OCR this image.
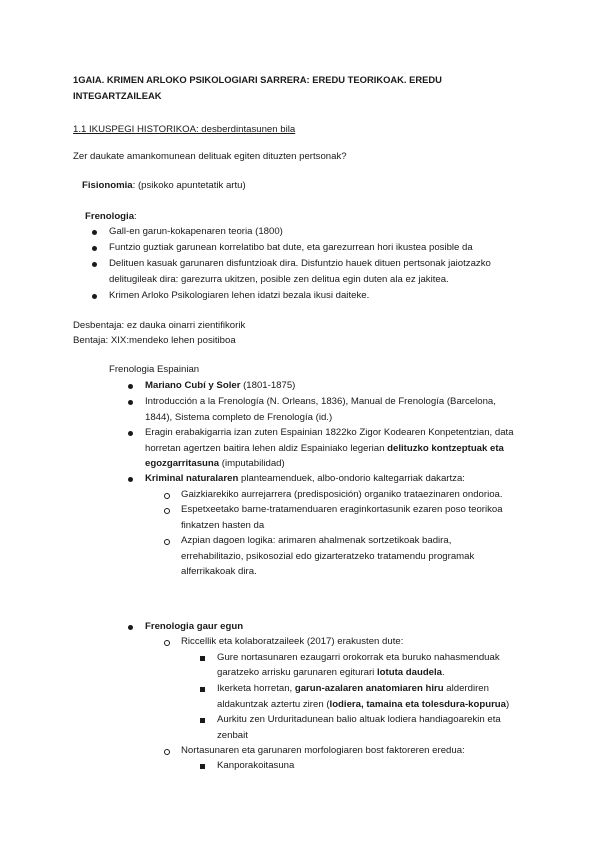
1GAIA. KRIMEN ARLOKO PSIKOLOGIARI SARRERA: EREDU TEORIKOAK. EREDU INTEGARTZAILEAK
1.1 IKUSPEGI HISTORIKOA: desberdintasunen bila
Zer daukate amankomunean delituak egiten dituzten pertsonak?
Fisionomia: (psikoko apuntetatik artu)
Frenologia:
Gall-en garun-kokapenaren teoria (1800)
Funtzio guztiak garunean korrelatibo bat dute, eta garezurrean hori ikustea posible da
Delituen kasuak garunaren disfuntzioak dira. Disfuntzio hauek dituen pertsonak jaiotzazko
delitugileak dira: garezurra ukitzen, posible zen delitua egin duten ala ez jakitea.
Krimen Arloko Psikologiaren lehen idatzi bezala ikusi daiteke.
Desbentaja: ez dauka oinarri zientifikorik
Bentaja: XIX:mendeko lehen positiboa
Frenologia Espainian
Mariano Cubí y Soler (1801-1875)
Introducción a la Frenología (N. Orleans, 1836), Manual de Frenología (Barcelona,
1844), Sistema completo de Frenología (id.)
Eragin erabakigarria izan zuten Espainian 1822ko Zigor Kodearen Konpetentzian, data
horretan agertzen baitira lehen aldiz Espainiako legerian delituzko kontzeptuak eta
egozgarritasuna (imputabilidad)
Kriminal naturalaren planteamenduek, albo-ondorio kaltegarriak dakartza:
Gaizkiarekiko aurrejarrera (predisposición) organiko trataezinaren ondorioa.
Espetxeetako barne-tratamenduaren eraginkortasunik ezaren poso teorikoa
finkatzen hasten da
Azpian dagoen logika: arimaren ahalmenak sortzetikoak badira,
errehabilitazio, psikosozial edo gizarteratzeko tratamendu programak
alferrikakoak dira.
Frenologia gaur egun
Riccellik eta kolaboratzaileek (2017) erakusten dute:
Gure nortasunaren ezaugarri orokorrak eta buruko nahasmenduak
garatzeko arrisku garunaren egiturari lotuta daudela.
Ikerketa horretan, garun-azalaren anatomiaren hiru alderdiren
aldakuntzak aztertu ziren (lodiera, tamaina eta tolesdura-kopurua)
Aurkitu zen Urduritadunean balio altuak lodiera handiagoarekin eta
zenbait
Nortasunaren eta garunaren morfologiaren bost faktoreren eredua:
Kanporakoitasuna
